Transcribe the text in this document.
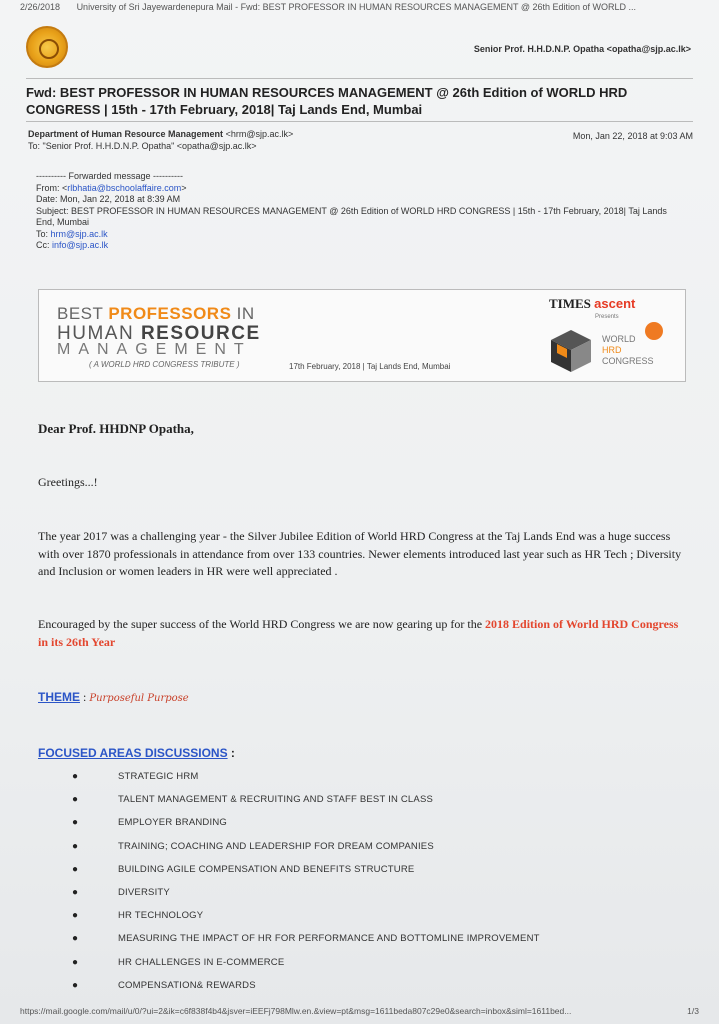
2/26/2018 University of Sri Jayewardenepura Mail - Fwd: BEST PROFESSOR IN HUMAN RESOURCES MANAGEMENT @ 26th Edition of WORLD ...
Senior Prof. H.H.D.N.P. Opatha <opatha@sjp.ac.lk>
Fwd: BEST PROFESSOR IN HUMAN RESOURCES MANAGEMENT @ 26th Edition of WORLD HRD CONGRESS | 15th - 17th February, 2018| Taj Lands End, Mumbai
Department of Human Resource Management <hrm@sjp.ac.lk>
To: "Senior Prof. H.H.D.N.P. Opatha" <opatha@sjp.ac.lk>
Mon, Jan 22, 2018 at 9:03 AM
---------- Forwarded message ----------
From: <rlbhatia@bschoolaffaire.com>
Date: Mon, Jan 22, 2018 at 8:39 AM
Subject: BEST PROFESSOR IN HUMAN RESOURCES MANAGEMENT @ 26th Edition of WORLD HRD CONGRESS | 15th - 17th February, 2018| Taj Lands End, Mumbai
To: hrm@sjp.ac.lk
Cc: info@sjp.ac.lk
BEST PROFESSORS IN
HUMAN RESOURCE
MANAGEMENT
( A WORLD HRD CONGRESS TRIBUTE )	17th February, 2018 | Taj Lands End, Mumbai
TIMES ascent
Presents
WORLD
HRD
CONGRESS
Dear Prof. HHDNP Opatha,
Greetings...!
The year 2017 was a challenging year - the Silver Jubilee Edition of World HRD Congress at the Taj Lands End was a huge success with over 1870 professionals in attendance from over 133 countries. Newer elements introduced last year such as HR Tech ; Diversity and Inclusion or women leaders in HR were well appreciated .
Encouraged by the super success of the World HRD Congress we are now gearing up for the 2018 Edition of World HRD Congress in its 26th Year
THEME : Purposeful Purpose
FOCUSED AREAS DISCUSSIONS :
●	STRATEGIC HRM
●	TALENT MANAGEMENT & RECRUITING AND STAFF BEST IN CLASS
●	EMPLOYER BRANDING
●	TRAINING; COACHING AND LEADERSHIP FOR DREAM COMPANIES
●	BUILDING AGILE COMPENSATION AND BENEFITS STRUCTURE
●	DIVERSITY
●	HR TECHNOLOGY
●	MEASURING THE IMPACT OF HR FOR PERFORMANCE AND BOTTOMLINE IMPROVEMENT
●	HR CHALLENGES IN E-COMMERCE
●	COMPENSATION& REWARDS
https://mail.google.com/mail/u/0/?ui=2&ik=c6f838f4b4&jsver=iEEFj798Mlw.en.&view=pt&msg=1611beda807c29e0&search=inbox&siml=1611bed...	1/3
